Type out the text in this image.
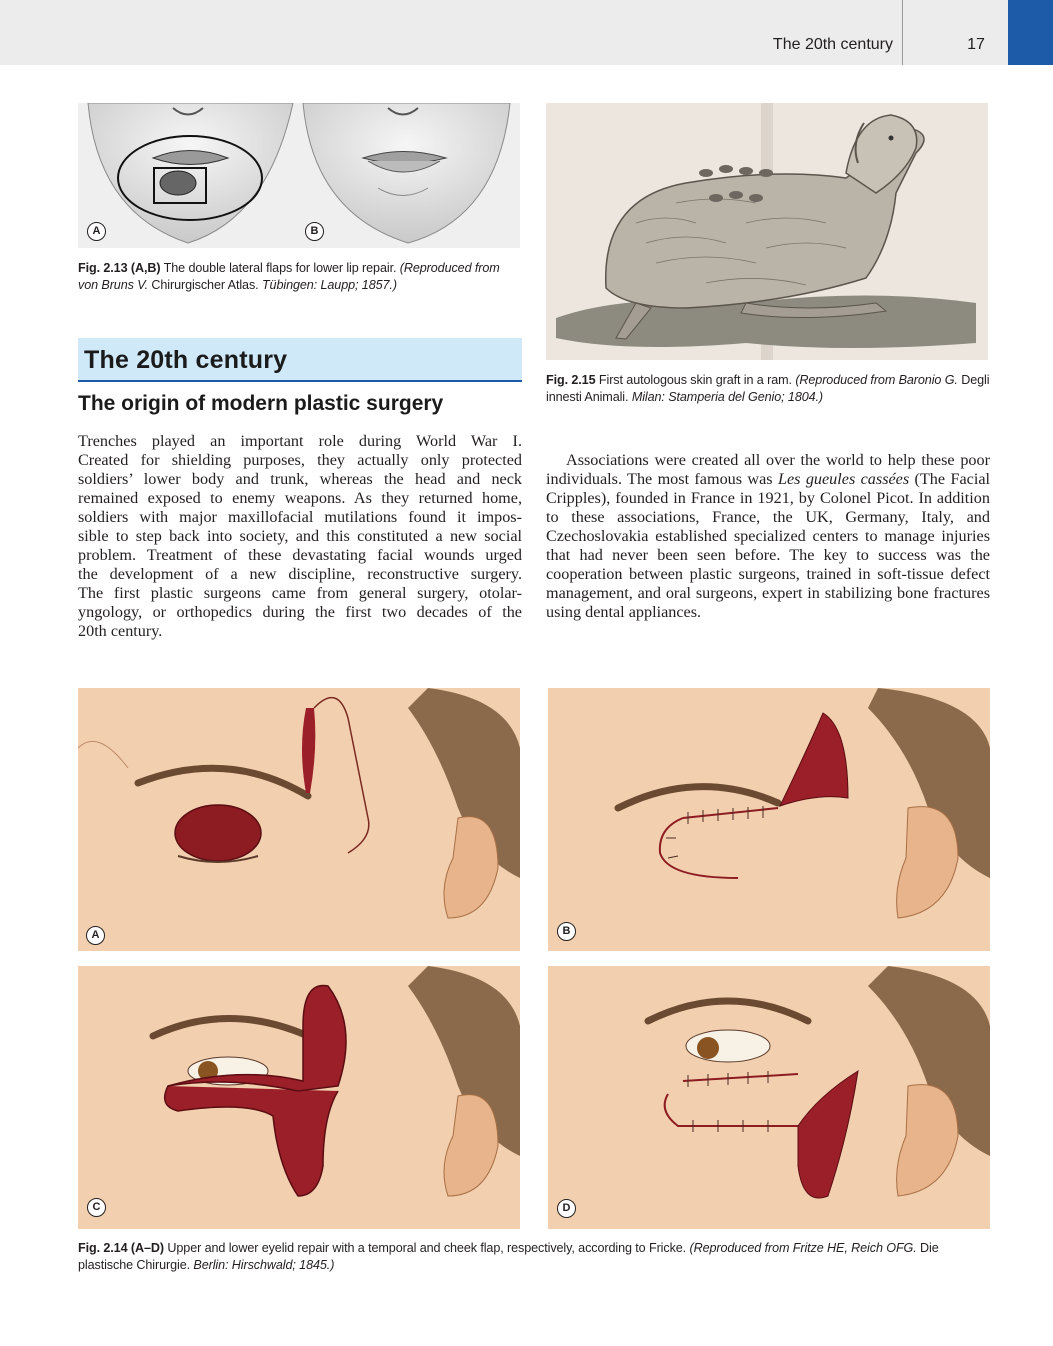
The 20th century	17
A	B
Fig. 2.13 (A,B) The double lateral flaps for lower lip repair. (Reproduced from von Bruns V. Chirurgischer Atlas. Tübingen: Laupp; 1857.)
Fig. 2.15 First autologous skin graft in a ram. (Reproduced from Baronio G. Degli innesti Animali. Milan: Stamperia del Genio; 1804.)
The 20th century
The origin of modern plastic surgery
Trenches played an important role during World War I.
Created for shielding purposes, they actually only protected
soldiers’ lower body and trunk, whereas the head and neck
remained exposed to enemy weapons. As they returned home,
soldiers with major maxillofacial mutilations found it impos-
sible to step back into society, and this constituted a new social
problem. Treatment of these devastating facial wounds urged
the development of a new discipline, reconstructive surgery.
The first plastic surgeons came from general surgery, otolar-
yngology, or orthopedics during the first two decades of the
20th century.

Associations were created all over the world to help these poor individuals. The most famous was Les gueules cassées (The Facial Cripples), founded in France in 1921, by Colonel Picot. In addition to these associations, France, the UK, Germany, Italy, and Czechoslovakia established specialized centers to manage injuries that had never been seen before. The key to success was the cooperation between plastic surgeons, trained in soft-tissue defect management, and oral surgeons, expert in stabilizing bone fractures using dental appliances.

A	B
C	D
Fig. 2.14 (A–D) Upper and lower eyelid repair with a temporal and cheek flap, respectively, according to Fricke. (Reproduced from Fritze HE, Reich OFG. Die plastische Chirurgie. Berlin: Hirschwald; 1845.)
